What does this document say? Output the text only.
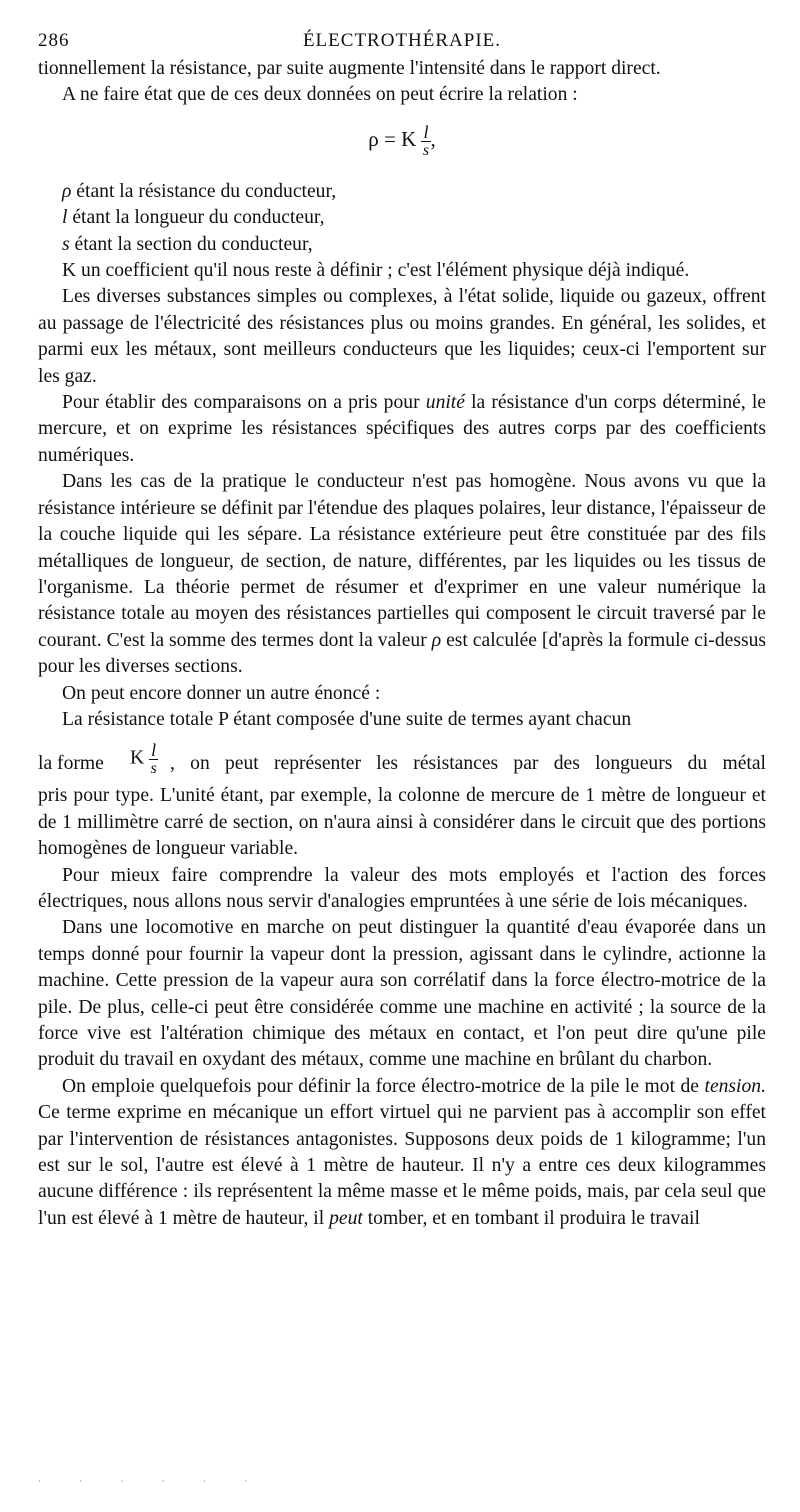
286	ÉLECTROTHÉRAPIE.

tionnellement la résistance, par suite augmente l'intensité dans le rapport direct.

A ne faire état que de ces deux données on peut écrire la relation :

ρ = K $\frac{l}{s}$ ,

ρ étant la résistance du conducteur,

l étant la longueur du conducteur,

s étant la section du conducteur,

K un coefficient qu'il nous reste à définir ; c'est l'élément physique déjà indiqué.

Les diverses substances simples ou complexes, à l'état solide, liquide ou gazeux, offrent au passage de l'électricité des résistances plus ou moins grandes. En général, les solides, et parmi eux les métaux, sont meilleurs conducteurs que les liquides; ceux-ci l'emportent sur les gaz.

Pour établir des comparaisons on a pris pour unité la résistance d'un corps déterminé, le mercure, et on exprime les résistances spécifiques des autres corps par des coefficients numériques.

Dans les cas de la pratique le conducteur n'est pas homogène. Nous avons vu que la résistance intérieure se définit par l'étendue des plaques polaires, leur distance, l'épaisseur de la couche liquide qui les sépare. La résistance extérieure peut être constituée par des fils métalliques de longueur, de section, de nature, différentes, par les liquides ou les tissus de l'organisme. La théorie permet de résumer et d'exprimer en une valeur numérique la résistance totale au moyen des résistances partielles qui composent le circuit traversé par le courant. C'est la somme des termes dont la valeur ρ est calculée [d'après la formule ci-dessus pour les diverses sections.

On peut encore donner un autre énoncé :

La résistance totale P étant composée d'une suite de termes ayant chacun

la forme K $\frac{l}{s}$ , on peut représenter les résistances par des longueurs du métal

pris pour type. L'unité étant, par exemple, la colonne de mercure de 1 mètre de longueur et de 1 millimètre carré de section, on n'aura ainsi à considérer dans le circuit que des portions homogènes de longueur variable.

Pour mieux faire comprendre la valeur des mots employés et l'action des forces électriques, nous allons nous servir d'analogies empruntées à une série de lois mécaniques.

Dans une locomotive en marche on peut distinguer la quantité d'eau évaporée dans un temps donné pour fournir la vapeur dont la pression, agissant dans le cylindre, actionne la machine. Cette pression de la vapeur aura son corrélatif dans la force électro-motrice de la pile. De plus, celle-ci peut être considérée comme une machine en activité ; la source de la force vive est l'altération chimique des métaux en contact, et l'on peut dire qu'une pile produit du travail en oxydant des métaux, comme une machine en brûlant du charbon.

On emploie quelquefois pour définir la force électro-motrice de la pile le mot de tension. Ce terme exprime en mécanique un effort virtuel qui ne parvient pas à accomplir son effet par l'intervention de résistances antagonistes. Supposons deux poids de 1 kilogramme; l'un est sur le sol, l'autre est élevé à 1 mètre de hauteur. Il n'y a entre ces deux kilogrammes aucune différence : ils représentent la même masse et le même poids, mais, par cela seul que l'un est élevé à 1 mètre de hauteur, il peut tomber, et en tombant il produira le travail

· · · · · ·
